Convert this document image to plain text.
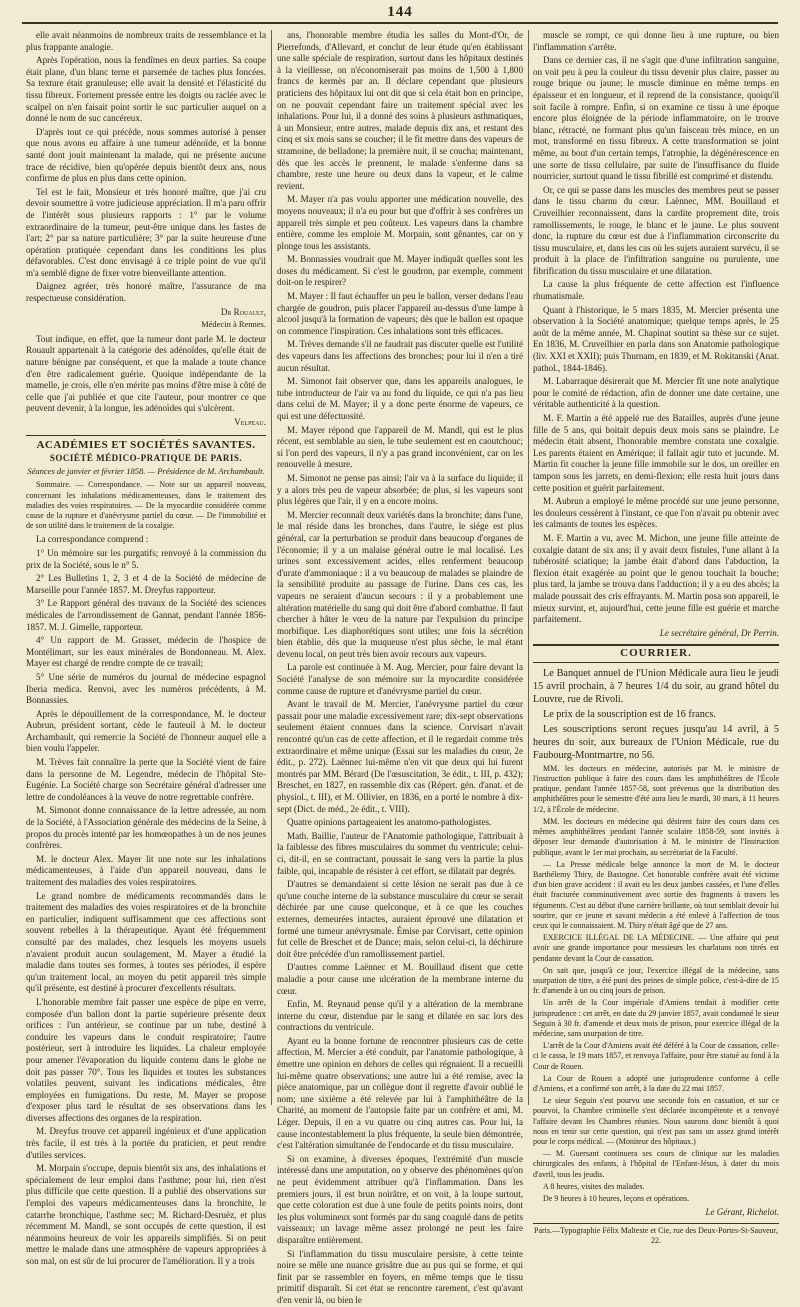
144

elle avait néanmoins de nombreux traits de ressemblance et la plus frappante analogie.

Après l'opération, nous la fendîmes en deux parties. Sa coupe était plane, d'un blanc terne et parsemée de taches plus foncées. Sa texture était granuleuse; elle avait la densité et l'élasticité du tissu fibreux. Fortement pressée entre les doigts ou raclée avec le scalpel on n'en faisait point sortir le suc particulier auquel on a donné le nom de suc cancéreux.

D'après tout ce qui précède, nous sommes autorisé à penser que nous avons eu affaire à une tumeur adénoïde, et la bonne santé dont jouit maintenant la malade, qui ne présente aucune trace de récidive, bien qu'opérée depuis bientôt deux ans, nous confirme de plus en plus dans cette opinion.

Tel est le fait, Monsieur et très honoré maître, que j'ai cru devoir soumettre à votre judicieuse appréciation. Il m'a paru offrir de l'intérêt sous plusieurs rapports : 1° par le volume extraordinaire de la tumeur, peut-être unique dans les fastes de l'art; 2° par sa nature particulière; 3° par la suite heureuse d'une opération pratiquée cependant dans les conditions les plus défavorables. C'est donc envisagé à ce triple point de vue qu'il m'a semblé digne de fixer votre bienveillante attention.

Daignez agréer, très honoré maître, l'assurance de ma respectueuse considération.

Dr Rouault,
Médecin à Rennes.

Tout indique, en effet, que la tumeur dont parle M. le docteur Rouault appartenait à la catégorie des adénoïdes, qu'elle était de nature bénigne par conséquent, et que la malade a toute chance d'en être radicalement guérie. Quoique indépendante de la mamelle, je crois, elle n'en mérite pas moins d'être mise à côté de celle que j'ai publiée et que cite l'auteur, pour montrer ce que peuvent devenir, à la longue, les adénoïdes qui s'ulcèrent.

Velpeau.
ACADÉMIES ET SOCIÉTÉS SAVANTES.
SOCIÉTÉ MÉDICO-PRATIQUE DE PARIS.
Séances de janvier et février 1858. — Présidence de M. Archambault.

Sommaire. — Correspondance. — Note sur un appareil nouveau, concernant les inhalations médicamenteuses, dans le traitement des maladies des voies respiratoires. — De la myocardite considérée comme cause de la rupture et d'anévrysme partiel du cœur. — De l'immobilité et de son utilité dans le traitement de la coxalgie.

La correspondance comprend :

1° Un mémoire sur les purgatifs; renvoyé à la commission du prix de la Société, sous le n° 5.

2° Les Bulletins 1, 2, 3 et 4 de la Société de médecine de Marseille pour l'année 1857. M. Dreyfus rapporteur.

3° Le Rapport général des travaux de la Société des sciences médicales de l'arrondissement de Gannat, pendant l'année 1856-1857. M. J. Gimelle, rapporteur.

4° Un rapport de M. Grasset, médecin de l'hospice de Montélimart, sur les eaux minérales de Bondonneau. M. Alex. Mayer est chargé de rendre compte de ce travail;

5° Une série de numéros du journal de médecine espagnol Iberia medica. Renvoi, avec les numéros précédents, à M. Bonnassies.

Après le dépouillement de la correspondance, M. le docteur Aubrun, président sortant, cède le fauteuil à M. le docteur Archambault, qui remercie la Société de l'honneur auquel elle a bien voulu l'appeler.

M. Trèves fait connaître la perte que la Société vient de faire dans la personne de M. Legendre, médecin de l'hôpital Ste-Eugénie. La Société charge son Secrétaire général d'adresser une lettre de condoléances à la veuve de notre regrettable confrère.

M. Simonot donne connaissance de la lettre adressée, au nom de la Société, à l'Association générale des médecins de la Seine, à propos du procès intenté par les homœopathes à un de nos jeunes confrères.

M. le docteur Alex. Mayer lit une note sur les inhalations médicamenteuses, à l'aide d'un appareil nouveau, dans le traitement des maladies des voies respiratoires.

Le grand nombre de médicaments recommandés dans le traitement des maladies des voies respiratoires et de la bronchite en particulier, indiquent suffisamment que ces affections sont souvent rebelles à la thérapeutique. Ayant été fréquemment consulté par des malades, chez lesquels les moyens usuels n'avaient produit aucun soulagement, M. Mayer a étudié la maladie dans toutes ses formes, à toutes ses périodes, il espère qu'un traitement local, au moyen du petit appareil très simple qu'il présente, est destiné à procurer d'excellents résultats.

L'honorable membre fait passer une espèce de pipe en verre, composée d'un ballon dont la partie supérieure présente deux orifices : l'un antérieur, se continue par un tube, destiné à conduire les vapeurs dans le conduit respiratoire; l'autre postérieur, sert à introduire les liquides. La chaleur employée pour amener l'évaporation du liquide contenu dans le globe ne doit pas passer 70°. Tous les liquides et toutes les substances volatiles peuvent, suivant les indications médicales, être employées en fumigations. Du reste, M. Mayer se propose d'exposer plus tard le résultat de ses observations dans les diverses affections des organes de la respiration.

M. Dreyfus trouve cet appareil ingénieux et d'une application très facile, il est très à la portée du praticien, et peut rendre d'utiles services.

M. Morpain s'occupe, depuis bientôt six ans, des inhalations et spécialement de leur emploi dans l'asthme; pour lui, rien n'est plus difficile que cette question. Il a publié des observations sur l'emploi des vapeurs médicamenteuses dans la bronchite, le catarrhe bronchique, l'asthme sec; M. Richard-Desruëz, et plus récemment M. Mandl, se sont occupés de cette question, il est néanmoins heureux de voir les appareils simplifiés. Si on peut mettre le malade dans une atmosphère de vapeurs appropriées à son mal, on est sûr de lui procurer de l'amélioration. Il y a trois

ans, l'honorable membre étudia les salles du Mont-d'Or, de Pierrefonds, d'Allevard, et conclut de leur étude qu'en établissant une salle spéciale de respiration, surtout dans les hôpitaux destinés à la vieillesse, on n'économiserait pas moins de 1,500 à 1,800 francs de kermès par an. Il déclare cependant que plusieurs praticiens des hôpitaux lui ont dit que si cela était bon en principe, on ne pouvait cependant faire un traitement spécial avec les inhalations. Pour lui, il a donné des soins à plusieurs asthmatiques, à un Monsieur, entre autres, malade depuis dix ans, et restant des cinq et six mois sans se coucher; il le fit mettre dans des vapeurs de stramoine, de belladone; la première nuit, il se coucha; maintenant, dès que les accès le prennent, le malade s'enferme dans sa chambre, reste une heure ou deux dans la vapeur, et le calme revient.

M. Mayer n'a pas voulu apporter une médication nouvelle, des moyens nouveaux; il n'a eu pour but que d'offrir à ses confrères un appareil très simple et peu coûteux. Les vapeurs dans la chambre entière, comme les emploie M. Morpain, sont gênantes, car on y plonge tous les assistants.

M. Bonnassies voudrait que M. Mayer indiquât quelles sont les doses du médicament. Si c'est le goudron, par exemple, comment doit-on le respirer?

M. Mayer : Il faut échauffer un peu le ballon, verser dedans l'eau chargée de goudron, puis placer l'appareil au-dessus d'une lampe à alcool jusqu'à la formation de vapeurs; dès que le ballon est opaque on commence l'inspiration. Ces inhalations sont très efficaces.

M. Trèves demande s'il ne faudrait pas discuter quelle est l'utilité des vapeurs dans les affections des bronches; pour lui il n'en a tiré aucun résultat.

M. Simonot fait observer que, dans les appareils analogues, le tube introducteur de l'air va au fond du liquide, ce qui n'a pas lieu dans celui de M. Mayer; il y a donc perte énorme de vapeurs, ce qui est une défectuosité.

M. Mayer répond que l'appareil de M. Mandl, qui est le plus récent, est semblable au sien, le tube seulement est en caoutchouc; si l'on perd des vapeurs, il n'y a pas grand inconvénient, car on les renouvelle à mesure.

M. Simonot ne pense pas ainsi; l'air va à la surface du liquide; il y a alors très peu de vapeur absorbée; de plus, si les vapeurs sont plus légères que l'air, il y en a encore moins.

M. Mercier reconnaît deux variétés dans la bronchite; dans l'une, le mal réside dans les bronches, dans l'autre, le siége est plus général, car la perturbation se produit dans beaucoup d'organes de l'économie; il y a un malaise général outre le mal localisé. Les urines sont excessivement acides, elles renferment beaucoup d'urate d'ammoniaque : il a vu beaucoup de malades se plaindre de la sensibilité produite au passage de l'urine. Dans ces cas, les vapeurs ne seraient d'aucun secours : il y a probablement une altération matérielle du sang qui doit être d'abord combattue. Il faut chercher à hâter le vœu de la nature par l'expulsion du principe morbifique. Les diaphorétiques sont utiles; une fois la sécrétion bien établie, dès que la muqueuse n'est plus sèche, le mal étant devenu local, on peut très bien avoir recours aux vapeurs.

La parole est continuée à M. Aug. Mercier, pour faire devant la Société l'analyse de son mémoire sur la myocardite considérée comme cause de rupture et d'anévrysme partiel du cœur.

Avant le travail de M. Mercier, l'anévrysme partiel du cœur passait pour une maladie excessivement rare; dix-sept observations seulement étaient connues dans la science. Corvisart n'avait rencontré qu'un cas de cette affection, et il le regardait comme très extraordinaire et même unique (Essai sur les maladies du cœur, 2e édit., p. 272). Laënnec lui-même n'en vit que deux qui lui furent montrés par MM. Bérard (De l'œsuscitation, 3e édit., t. III, p. 432); Breschet, en 1827, en rassemble dix cas (Répert. gén. d'anat. et de physiol., t. III), et M. Ollivier, en 1836, en a porté le nombre à dix-sept (Dict. de méd., 2e édit., t. VIII).

Quatre opinions partageaient les anatomo-pathologistes.

Math. Baillie, l'auteur de l'Anatomie pathologique, l'attribuait à la faiblesse des fibres musculaires du sommet du ventricule; celui-ci, dit-il, en se contractant, poussait le sang vers la partie la plus faible, qui, incapable de résister à cet effort, se dilatait par degrés.

D'autres se demandaient si cette lésion ne serait pas due à ce qu'une couche interne de la substance musculaire du cœur se serait déchirée par une cause quelconque, et à ce que les couches externes, demeurées intactes, auraient éprouvé une dilatation et formé une tumeur anévrysmale. Émise par Corvisart, cette opinion fut celle de Breschet et de Dance; mais, selon celui-ci, la déchirure doit être précédée d'un ramollissement partiel.

D'autres comme Laënnec et M. Bouillaud disent que cette maladie a pour cause une ulcération de la membrane interne du cœur.

Enfin, M. Reynaud pense qu'il y a altération de la membrane interne du cœur, distendue par le sang et dilatée en sac lors des contractions du ventricule.

Ayant eu la bonne fortune de rencontrer plusieurs cas de cette affection, M. Mercier a été conduit, par l'anatomie pathologique, à émettre une opinion en dehors de celles qui régnaient. Il a recueilli lui-même quatre observations; une autre lui a été remise, avec la pièce anatomique, par un collègue dont il regrette d'avoir oublié le nom; une sixième a été relevée par lui à l'amphithéâtre de la Charité, au moment de l'autopsie faite par un confrère et ami, M. Léger. Depuis, il en a vu quatre ou cinq autres cas. Pour lui, la cause incontestablement la plus fréquente, la seule bien démontrée, c'est l'altération simultanée de l'endocarde et du tissu musculaire.

Si on examine, à diverses époques, l'extrémité d'un muscle intéressé dans une amputation, on y observe des phénomènes qu'on ne peut évidemment attribuer qu'à l'inflammation. Dans les premiers jours, il est brun noirâtre, et on voit, à la loupe surtout, que cette coloration est due à une foule de petits points noirs, dont les plus volumineux sont formés par du sang coagulé dans de petits vaisseaux; un lavage même assez prolongé ne peut les faire disparaître entièrement.

Si l'inflammation du tissu musculaire persiste, à cette teinte noire se mêle une nuance grisâtre due au pus qui se forme, et qui finit par se rassembler en foyers, en même temps que le tissu primitif disparaît. Si cet état se rencontre rarement, c'est qu'avant d'en venir là, ou bien le

muscle se rompt, ce qui donne lieu à une rupture, ou bien l'inflammation s'arrête.

Dans ce dernier cas, il ne s'agit que d'une infiltration sanguine, on voit peu à peu la couleur du tissu devenir plus claire, passer au rouge brique ou jaune; le muscle diminue en même temps en épaisseur et en longueur, et il reprend de la consistance, quoiqu'il soit facile à rompre. Enfin, si on examine ce tissu à une époque encore plus éloignée de la période inflammatoire, on le trouve blanc, rétracté, ne formant plus qu'un faisceau très mince, en un mot, transformé en tissu fibreux. A cette transformation se joint même, au bout d'un certain temps, l'atrophie, la dégénérescence en une sorte de tissu cellulaire, par suite de l'insuffisance du fluide nourricier, surtout quand le tissu fibrillé est comprimé et distendu.

Or, ce qui se passe dans les muscles des membres peut se passer dans le tissu charnu du cœur. Laënnec, MM. Bouillaud et Cruveilhier reconnaissent, dans la cardite proprement dite, trois ramollissements, le rouge, le blanc et le jaune. Le plus souvent donc, la rupture du cœur est due à l'inflammation circonscrite du tissu musculaire, et, dans les cas où les sujets auraient survécu, il se produit à la place de l'infiltration sanguine ou purulente, une fibrification du tissu musculaire et une dilatation.

La cause la plus fréquente de cette affection est l'influence rhumatismale.

Quant à l'historique, le 5 mars 1835, M. Mercier présenta une observation à la Société anatomique; quelque temps après, le 25 août de la même année, M. Chapinat soutint sa thèse sur ce sujet. En 1836, M. Cruveilhier en parla dans son Anatomie pathologique (liv. XXI et XXII); puis Thurnam, en 1839, et M. Rokitanski (Anat. pathol., 1844-1846).

M. Labarraque désirerait que M. Mercier fît une note analytique pour le comité de rédaction, afin de donner une date certaine, une véritable authenticité à la question.

M. F. Martin a été appelé rue des Batailles, auprès d'une jeune fille de 5 ans, qui boitait depuis deux mois sans se plaindre. Le médecin était absent, l'honorable membre constata une coxalgie. Les parents étaient en Amérique; il fallait agir tuto et jucunde. M. Martin fit coucher la jeune fille immobile sur le dos, un oreiller en tampon sous les jarrets, en demi-flexion; elle resta huit jours dans cette position et guérit parfaitement.

M. Aubrun a employé le même procédé sur une jeune personne, les douleurs cessèrent à l'instant, ce que l'on n'avait pu obtenir avec les calmants de toutes les espèces.

M. F. Martin a vu, avec M. Michon, une jeune fille atteinte de coxalgie datant de six ans; il y avait deux fistules, l'une allant à la tubérosité sciatique; la jambe était d'abord dans l'abduction, la flexion était exagérée au point que le genou touchait la bouche; plus tard, la jambe se trouva dans l'adduction; il y a eu des abcès; la malade poussait des cris effrayants. M. Martin posa son appareil, le mieux survint, et, aujourd'hui, cette jeune fille est guérie et marche parfaitement.

Le secrétaire général, Dr Perrin.
COURRIER.

Le Banquet annuel de l'Union Médicale aura lieu le jeudi 15 avril prochain, à 7 heures 1/4 du soir, au grand hôtel du Louvre, rue de Rivoli.

Le prix de la souscription est de 16 francs.

Les souscriptions seront reçues jusqu'au 14 avril, à 5 heures du soir, aux bureaux de l'Union Médicale, rue du Faubourg-Montmartre, no 56.

MM. les docteurs en médecine, autorisés par M. le ministre de l'instruction publique à faire des cours dans les amphithéâtres de l'École pratique, pendant l'année 1857-58, sont prévenus que la distribution des amphithéâtres pour le semestre d'été aura lieu le mardi, 30 mars, à 11 heures 1/2, à l'École de médecine.

MM. les docteurs en médecine qui désirent faire des cours dans ces mêmes amphithéâtres pendant l'année scolaire 1858-59, sont invités à déposer leur demande d'autorisation à M. le ministre de l'Instruction publique, avant le 1er mai prochain, au secrétariat de la Faculté.

— La Presse médicale belge annonce la mort de M. le docteur Barthélemy Thiry, de Bastogne. Cet honorable confrère avait été victime d'un bien grave accident : il avait eu les deux jambes cassées, et l'une d'elles était fracturée comminutivement avec sortie des fragments à travers les téguments. C'est au début d'une carrière brillante, où tout semblait devoir lui sourire, que ce jeune et savant médecin a été enlevé à l'affection de tous ceux qui le connaissaient. M. Thiry n'était âgé que de 27 ans.

EXERCICE ILLÉGAL DE LA MÉDECINE. — Une affaire qui peut avoir une grande importance pour messieurs les charlatans non titrés est pendante devant la Cour de cassation.

On sait que, jusqu'à ce jour, l'exercice illégal de la médecine, sans usurpation de titre, a été puni des peines de simple police, c'est-à-dire de 15 fr. d'amende à un ou cinq jours de prison.

Un arrêt de la Cour impériale d'Amiens tendait à modifier cette jurisprudence : cet arrêt, en date du 29 janvier 1857, avait condamné le sieur Seguin à 30 fr. d'amende et deux mois de prison, pour exercice illégal de la médecine, sans usurpation de titre.

L'arrêt de la Cour d'Amiens avait été déféré à la Cour de cassation, celle-ci le cassa, le 19 mars 1857, et renvoya l'affaire, pour être statué au fond à la Cour de Rouen.

La Cour de Rouen a adopté une jurisprudence conforme à celle d'Amiens, et a confirmé son arrêt, à la date du 22 mai 1857.

Le sieur Seguin s'est pourvu une seconde fois en cassation, et sur ce pourvoi, la Chambre criminelle s'est déclarée incompétente et a renvoyé l'affaire devant les Chambres réunies. Nous saurons donc bientôt à quoi nous en tenir sur cette question, qui n'est pas sans un assez grand intérêt pour le corps médical. — (Moniteur des hôpitaux.)

— M. Guersant continuera ses cours de clinique sur les maladies chirurgicales des enfants, à l'hôpital de l'Enfant-Jésus, à dater du mois d'avril, tous les jeudis.

A 8 heures, visites des malades.

De 9 heures à 10 heures, leçons et opérations.

Le Gérant, Richelot.
Paris.—Typographie Félix Malteste et Cie, rue des Deux-Portes-St-Sauveur, 22.
